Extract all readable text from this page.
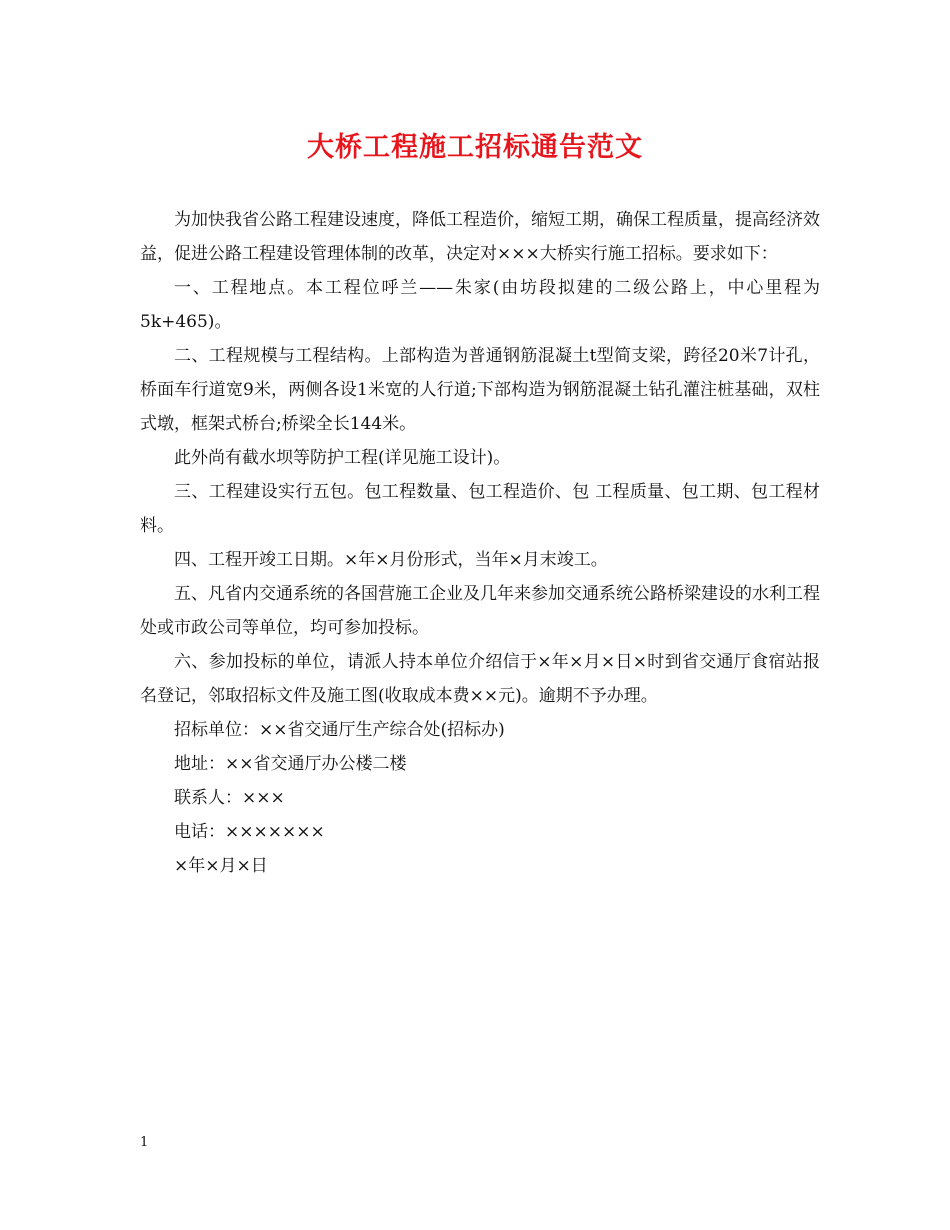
大桥工程施工招标通告范文

为加快我省公路工程建设速度，降低工程造价，缩短工期，确保工程质量，提高经济效益，促进公路工程建设管理体制的改革，决定对×××大桥实行施工招标。要求如下：

一、工程地点。本工程位呼兰——朱家(由坊段拟建的二级公路上，中心里程为5k+465)。

二、工程规模与工程结构。上部构造为普通钢筋混凝土t型简支梁，跨径20米7计孔，桥面车行道宽9米，两侧各设1米宽的人行道;下部构造为钢筋混凝土钻孔灌注桩基础，双柱式墩，框架式桥台;桥梁全长144米。

此外尚有截水坝等防护工程(详见施工设计)。

三、工程建设实行五包。包工程数量、包工程造价、包 工程质量、包工期、包工程材料。

四、工程开竣工日期。×年×月份形式，当年×月末竣工。

五、凡省内交通系统的各国营施工企业及几年来参加交通系统公路桥梁建设的水利工程处或市政公司等单位，均可参加投标。

六、参加投标的单位，请派人持本单位介绍信于×年×月×日×时到省交通厅食宿站报名登记，邻取招标文件及施工图(收取成本费××元)。逾期不予办理。

招标单位：××省交通厅生产综合处(招标办)

地址：××省交通厅办公楼二楼

联系人：×××

电话：×××××××

×年×月×日

1
